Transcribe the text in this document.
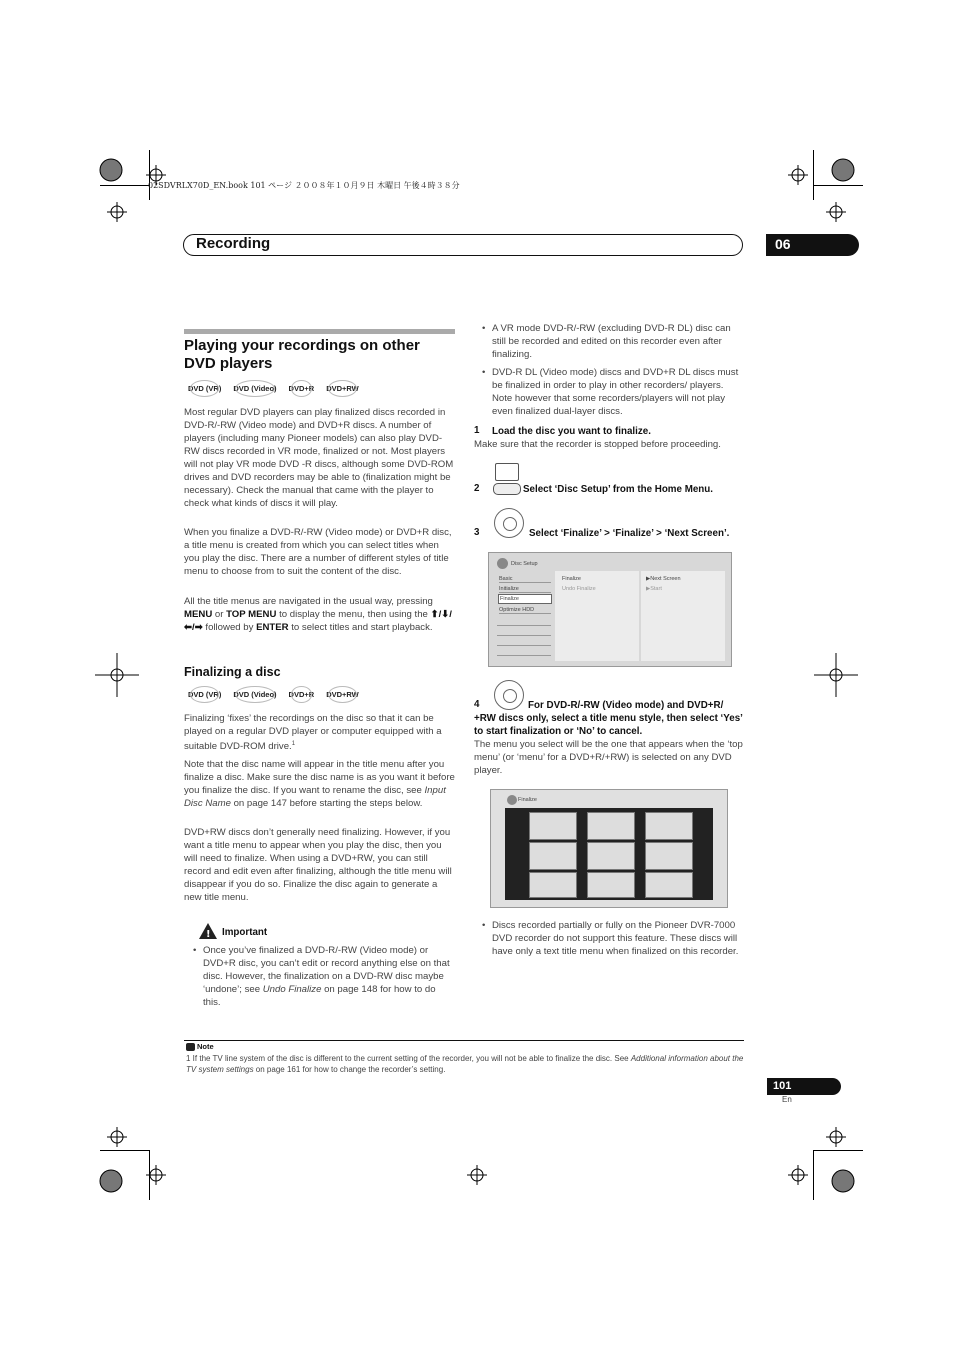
02SDVRLX70D_EN.book 101 ページ ２００８年１０月９日 木曜日 午後４時３８分
Recording	06
Playing your recordings on other DVD players
DVD (VR) DVD (Video) DVD+R DVD+RW

Most regular DVD players can play finalized discs recorded in DVD-R/-RW (Video mode) and DVD+R discs. A number of players (including many Pioneer models) can also play DVD-RW discs recorded in VR mode, finalized or not. Most players will not play VR mode DVD -R discs, although some DVD-ROM drives and DVD recorders may be able to (finalization might be necessary). Check the manual that came with the player to check what kinds of discs it will play.

When you finalize a DVD-R/-RW (Video mode) or DVD+R disc, a title menu is created from which you can select titles when you play the disc. There are a number of different styles of title menu to choose from to suit the content of the disc.

All the title menus are navigated in the usual way, pressing MENU or TOP MENU to display the menu, then using the ⬆/⬇/⬅/➡ followed by ENTER to select titles and start playback.

Finalizing a disc
DVD (VR) DVD (Video) DVD+R DVD+RW

Finalizing ‘fixes’ the recordings on the disc so that it can be played on a regular DVD player or computer equipped with a suitable DVD-ROM drive.$^1$

Note that the disc name will appear in the title menu after you finalize a disc. Make sure the disc name is as you want it before you finalize the disc. If you want to rename the disc, see Input Disc Name on page 147 before starting the steps below.

DVD+RW discs don’t generally need finalizing. However, if you want a title menu to appear when you play the disc, then you will need to finalize. When using a DVD+RW, you can still record and edit even after finalizing, although the title menu will disappear if you do so. Finalize the disc again to generate a new title menu.

! Important

• Once you’ve finalized a DVD-R/-RW (Video mode) or DVD+R disc, you can’t edit or record anything else on that disc. However, the finalization on a DVD-RW disc maybe ‘undone’; see Undo Finalize on page 148 for how to do this.

• A VR mode DVD-R/-RW (excluding DVD-R DL) disc can still be recorded and edited on this recorder even after finalizing.

• DVD-R DL (Video mode) discs and DVD+R DL discs must be finalized in order to play in other recorders/ players. Note however that some recorders/players will not play even finalized dual-layer discs.

1 Load the disc you want to finalize.

Make sure that the recorder is stopped before proceeding.

2	Select ‘Disc Setup’ from the Home Menu.
3	Select ‘Finalize’ > ‘Finalize’ > ‘Next Screen’.
Disc Setup
Basic
Initialize
Finalize
Optimize HDD
Finalize
Undo Finalize
▶Next Screen
▶Start
4	For DVD-R/-RW (Video mode) and DVD+R/ +RW discs only, select a title menu style, then select ‘Yes’ to start finalization or ‘No’ to cancel.

The menu you select will be the one that appears when the ‘top menu’ (or ‘menu’ for a DVD+R/+RW) is selected on any DVD player.

Finalize

• Discs recorded partially or fully on the Pioneer DVR-7000 DVD recorder do not support this feature. These discs will have only a text title menu when finalized on this recorder.

Note
1 If the TV line system of the disc is different to the current setting of the recorder, you will not be able to finalize the disc. See Additional information about the TV system settings on page 161 for how to change the recorder’s setting.
101
En
